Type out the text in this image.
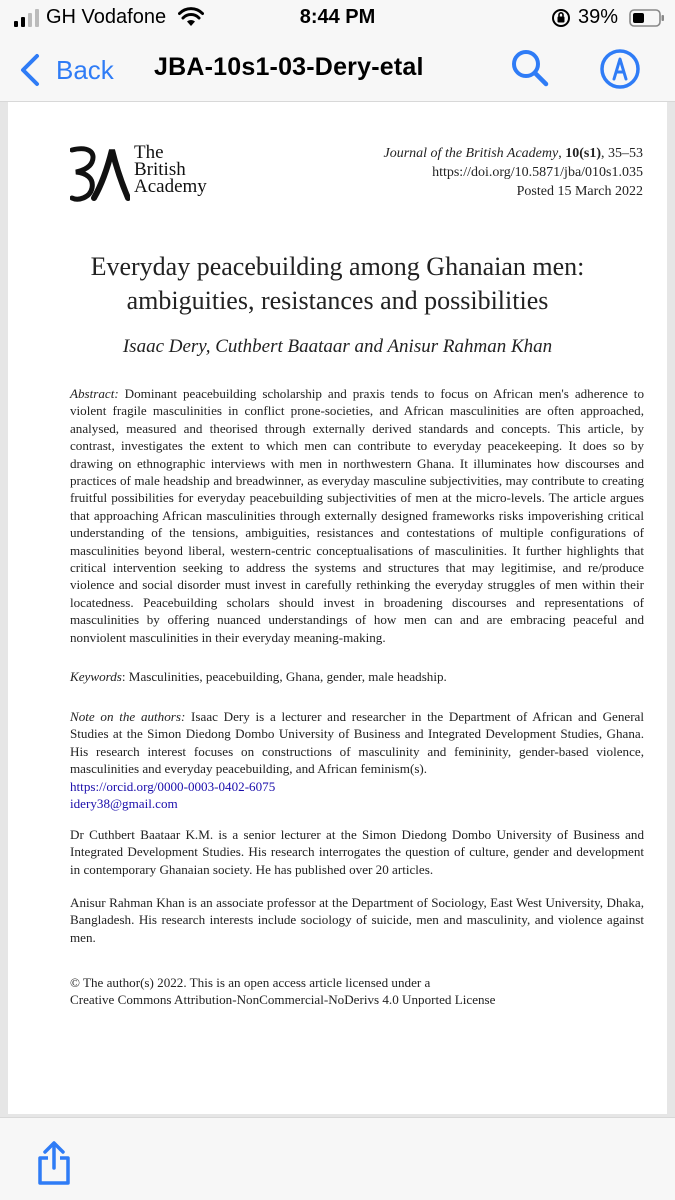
GH Vodafone	8:44 PM	39%
Back JBA-10s1-03-Dery-etal
The
British
Academy
Journal of the British Academy, 10(s1), 35–53
https://doi.org/10.5871/jba/010s1.035
Posted 15 March 2022
Everyday peacebuilding among Ghanaian men:
ambiguities, resistances and possibilities
Isaac Dery, Cuthbert Baataar and Anisur Rahman Khan

Abstract: Dominant peacebuilding scholarship and praxis tends to focus on African men's adherence to violent fragile masculinities in conflict prone-societies, and African masculinities are often approached, analysed, measured and theorised through externally derived standards and concepts. This article, by contrast, investigates the extent to which men can contribute to everyday peacekeeping. It does so by drawing on ethnographic interviews with men in northwestern Ghana. It illuminates how discourses and practices of male headship and breadwinner, as everyday masculine subjectivities, may contribute to creating fruitful possibilities for everyday peacebuilding subjectivities of men at the micro-levels. The article argues that approaching African masculinities through externally designed frameworks risks impoverishing critical understanding of the tensions, ambiguities, resistances and contestations of multiple configurations of masculinities beyond liberal, western-centric conceptualisations of masculinities. It further highlights that critical intervention seeking to address the systems and structures that may legitimise, and re/produce violence and social disorder must invest in carefully rethinking the everyday struggles of men within their locatedness. Peacebuilding scholars should invest in broadening discourses and representations of masculinities by offering nuanced understandings of how men can and are embracing peaceful and nonviolent masculinities in their everyday meaning-making.

Keywords: Masculinities, peacebuilding, Ghana, gender, male headship.

Note on the authors: Isaac Dery is a lecturer and researcher in the Department of African and General Studies at the Simon Diedong Dombo University of Business and Integrated Development Studies, Ghana. His research interest focuses on constructions of masculinity and femininity, gender-based violence, masculinities and everyday peacebuilding, and African feminism(s).
https://orcid.org/0000-0003-0402-6075
idery38@gmail.com

Dr Cuthbert Baataar K.M. is a senior lecturer at the Simon Diedong Dombo University of Business and Integrated Development Studies. His research interrogates the question of culture, gender and development in contemporary Ghanaian society. He has published over 20 articles.

Anisur Rahman Khan is an associate professor at the Department of Sociology, East West University, Dhaka, Bangladesh. His research interests include sociology of suicide, men and masculinity, and violence against men.

© The author(s) 2022. This is an open access article licensed under a
Creative Commons Attribution-NonCommercial-NoDerivs 4.0 Unported License
